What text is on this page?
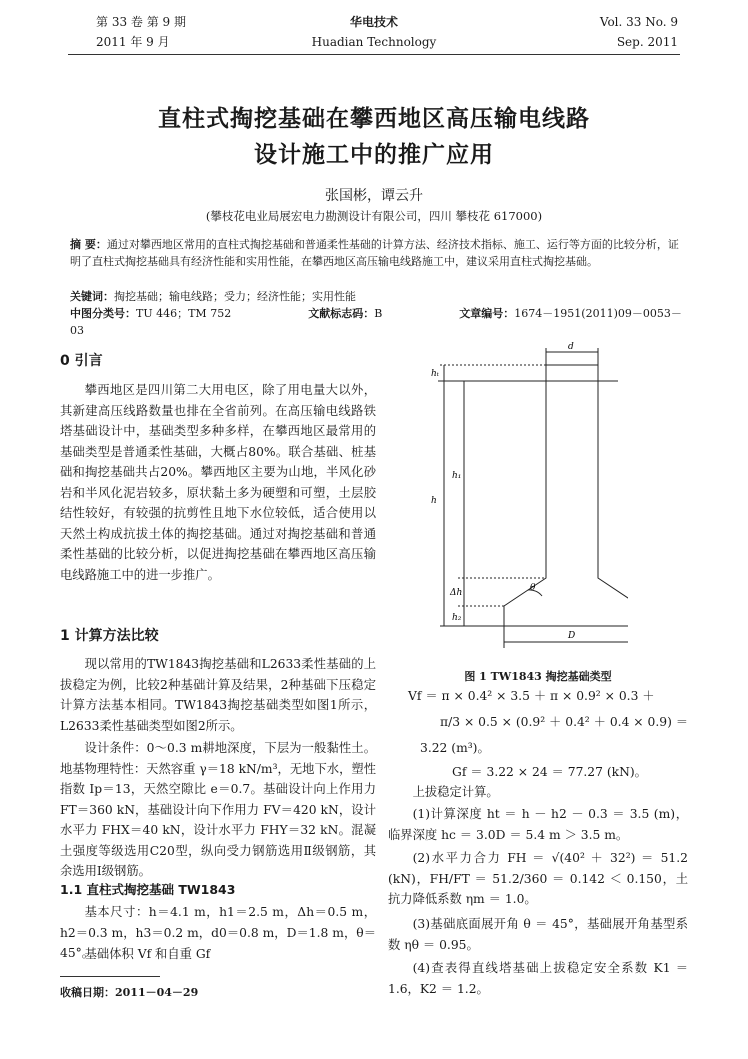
第 33 卷 第 9 期
2011 年 9 月
华电技术
Huadian Technology
Vol. 33 No. 9
Sep. 2011
直柱式掏挖基础在攀西地区高压输电线路
设计施工中的推广应用
张国彬，谭云升
(攀枝花电业局展宏电力勘测设计有限公司，四川 攀枝花 617000)
摘 要：通过对攀西地区常用的直柱式掏挖基础和普通柔性基础的计算方法、经济技术指标、施工、运行等方面的比较分析，证明了直柱式掏挖基础具有经济性能和实用性能，在攀西地区高压输电线路施工中，建议采用直柱式掏挖基础。
关键词：掏挖基础；输电线路；受力；经济性能；实用性能
中图分类号：TU 446；TM 752	文献标志码：B	文章编号：1674－1951(2011)09－0053－03
0 引言
攀西地区是四川第二大用电区，除了用电量大以外，其新建高压线路数量也排在全省前列。在高压输电线路铁塔基础设计中，基础类型多种多样，在攀西地区最常用的基础类型是普通柔性基础，大概占80%。联合基础、桩基础和掏挖基础共占20%。攀西地区主要为山地，半风化砂岩和半风化泥岩较多，原状黏土多为硬塑和可塑，土层胶结性较好，有较强的抗剪性且地下水位较低，适合使用以天然土构成抗拔土体的掏挖基础。通过对掏挖基础和普通柔性基础的比较分析，以促进掏挖基础在攀西地区高压输电线路施工中的进一步推广。
1 计算方法比较
现以常用的TW1843掏挖基础和L2633柔性基础的上拔稳定为例，比较2种基础计算及结果，2种基础下压稳定计算方法基本相同。TW1843掏挖基础类型如图1所示，L2633柔性基础类型如图2所示。
设计条件：0～0.3 m耕地深度，下层为一般黏性土。地基物理特性：天然容重 γ＝18 kN/m³，无地下水，塑性指数 Ip＝13，天然空隙比 e＝0.7。基础设计向上作用力 FT＝360 kN，基础设计向下作用力 FV＝420 kN，设计水平力 FHX＝40 kN，设计水平力 FHY＝32 kN。混凝土强度等级选用C20型，纵向受力钢筋选用Ⅱ级钢筋，其余选用Ⅰ级钢筋。
1.1 直柱式掏挖基础 TW1843
基本尺寸：h＝4.1 m，h1＝2.5 m，Δh＝0.5 m，h2＝0.3 m，h3＝0.2 m，d0＝0.8 m，D＝1.8 m，θ＝45°。
基础体积 Vf 和自重 Gf
收稿日期：2011－04－29
d
hₜ
h
h₁
Δh
h₂
θ
D
图 1 TW1843 掏挖基础类型
Vf ＝ π × 0.4² × 3.5 ＋ π × 0.9² × 0.3 ＋
π/3 × 0.5 × (0.9² ＋ 0.4² ＋ 0.4 × 0.9) ＝
3.22 (m³)。
Gf ＝ 3.22 × 24 ＝ 77.27 (kN)。
上拔稳定计算。
(1)计算深度 ht ＝ h － h2 － 0.3 ＝ 3.5 (m)，临界深度 hc ＝ 3.0D ＝ 5.4 m ＞ 3.5 m。
(2)水平力合力 FH ＝ √(40² ＋ 32²) ＝ 51.2 (kN)，FH/FT ＝ 51.2/360 ＝ 0.142 ＜ 0.150，土抗力降低系数 ηm ＝ 1.0。
(3)基础底面展开角 θ ＝ 45°，基础展开角基型系数 ηθ ＝ 0.95。
(4)查表得直线塔基础上拔稳定安全系数 K1 ＝ 1.6，K2 ＝ 1.2。
